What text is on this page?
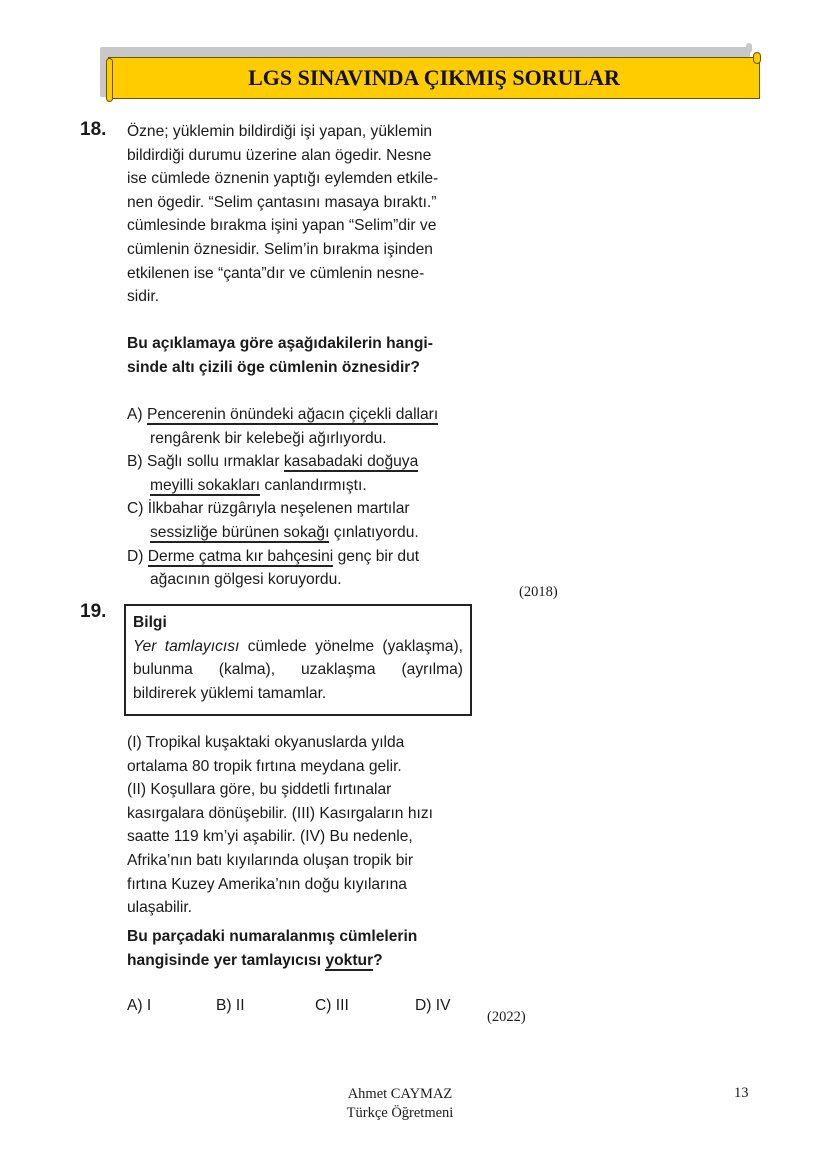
LGS SINAVINDA ÇIKMIŞ SORULAR
18. Özne; yüklemin bildirdiği işi yapan, yüklemin
bildirdiği durumu üzerine alan ögedir. Nesne
ise cümlede öznenin yaptığı eylemden etkile-
nen ögedir. “Selim çantasını masaya bıraktı.”
cümlesinde bırakma işini yapan “Selim”dir ve
cümlenin öznesidir. Selim’in bırakma işinden
etkilenen ise “çanta”dır ve cümlenin nesne-
sidir.
Bu açıklamaya göre aşağıdakilerin hangi-
sinde altı çizili öge cümlenin öznesidir?
A) Pencerenin önündeki ağacın çiçekli dalları
rengârenk bir kelebeği ağırlıyordu.
B) Sağlı sollu ırmaklar kasabadaki doğuya
meyilli sokakları canlandırmıştı.
C) İlkbahar rüzgârıyla neşelenen martılar
sessizliğe bürünen sokağı çınlatıyordu.
D) Derme çatma kır bahçesini genç bir dut
ağacının gölgesi koruyordu.
(2018)
19.

Bilgi

Yer tamlayıcısı cümlede yönelme (yaklaşma), bulunma (kalma), uzaklaşma (ayrılma) bildirerek yüklemi tamamlar.

(I) Tropikal kuşaktaki okyanuslarda yılda
ortalama 80 tropik fırtına meydana gelir.
(II) Koşullara göre, bu şiddetli fırtınalar
kasırgalara dönüşebilir. (III) Kasırgaların hızı
saatte 119 km’yi aşabilir. (IV) Bu nedenle,
Afrika’nın batı kıyılarında oluşan tropik bir
fırtına Kuzey Amerika’nın doğu kıyılarına
ulaşabilir.
Bu parçadaki numaralanmış cümlelerin
hangisinde yer tamlayıcısı yoktur?
A) I	B) II	C) III	D) IV
(2022)
Ahmet CAYMAZ
Türkçe Öğretmeni
13
